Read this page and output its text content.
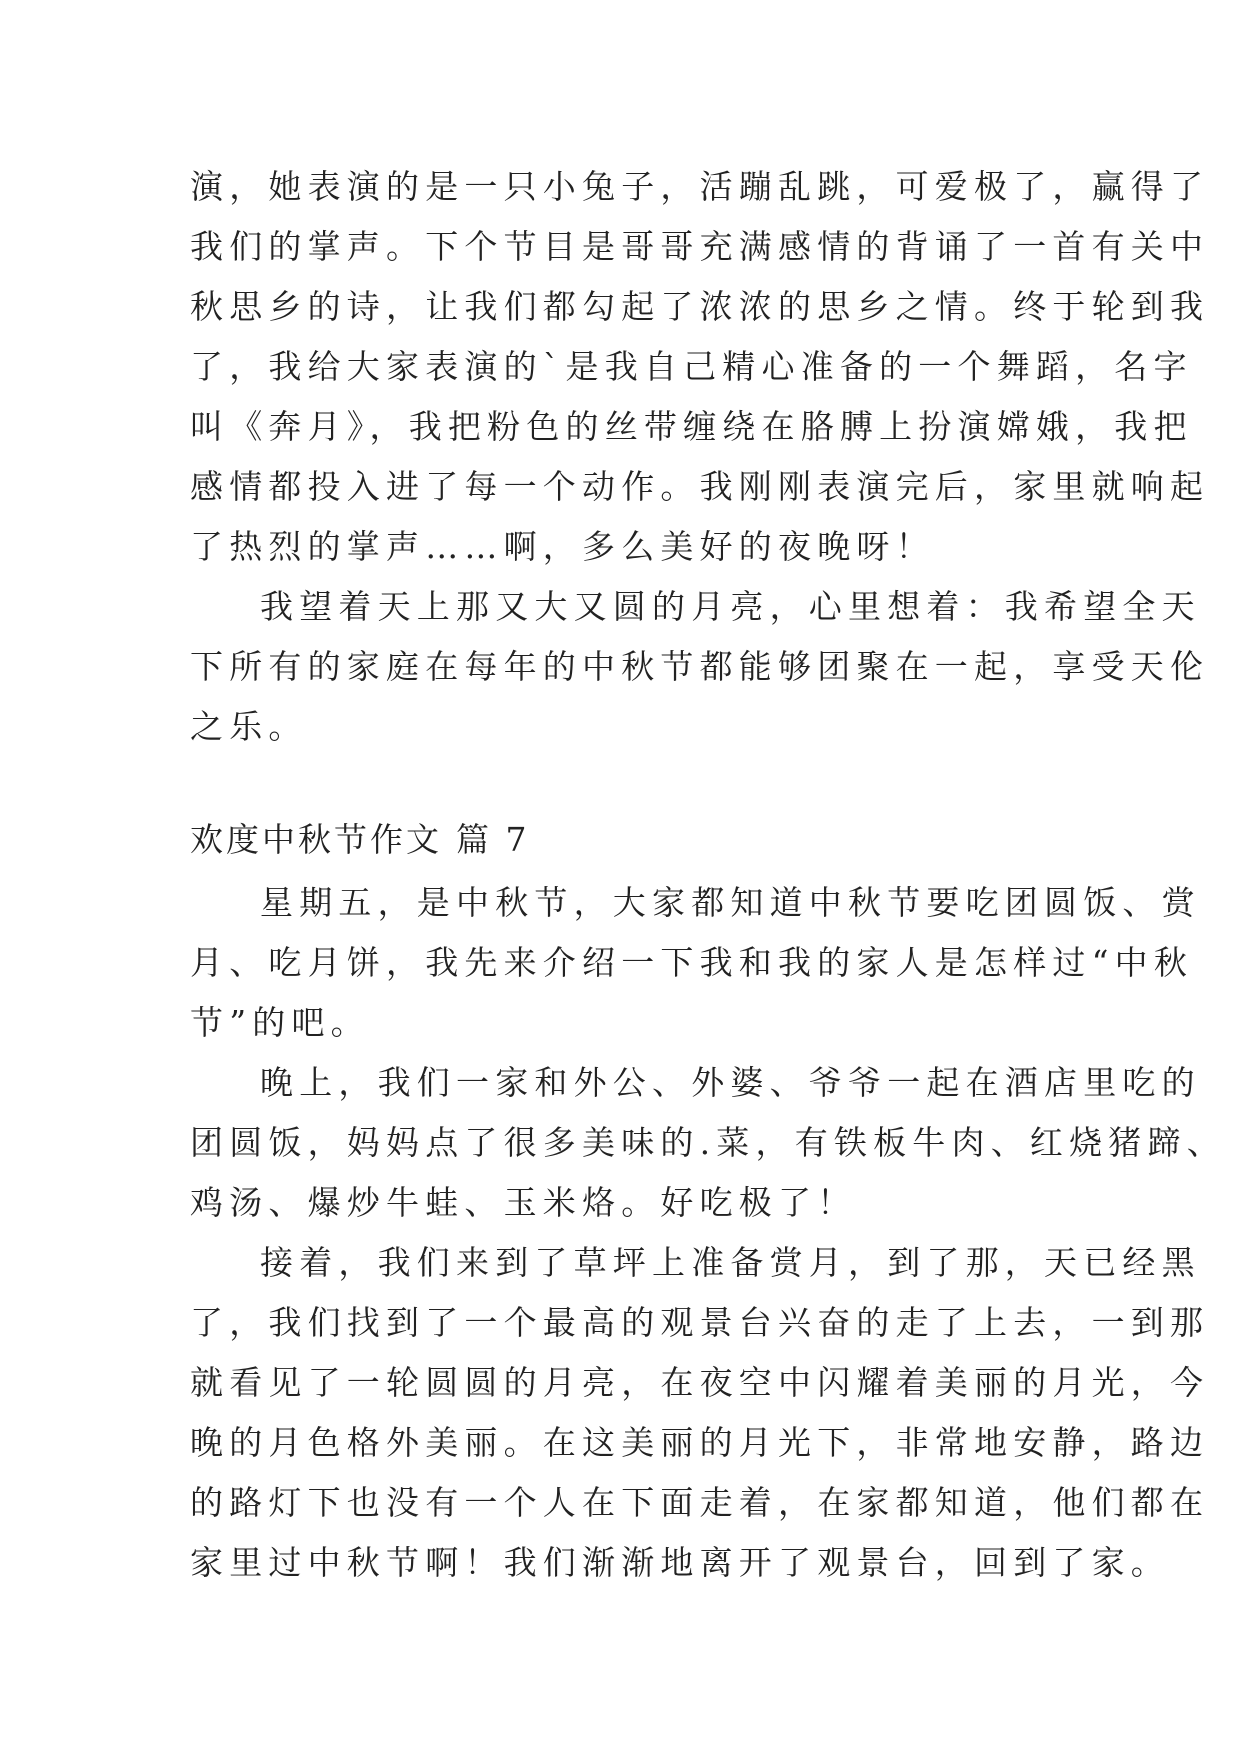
演，她表演的是一只小兔子，活蹦乱跳，可爱极了，赢得了
我们的掌声。下个节目是哥哥充满感情的背诵了一首有关中
秋思乡的诗，让我们都勾起了浓浓的思乡之情。终于轮到我
了，我给大家表演的`是我自己精心准备的一个舞蹈，名字
叫《奔月》，我把粉色的丝带缠绕在胳膊上扮演嫦娥，我把
感情都投入进了每一个动作。我刚刚表演完后，家里就响起
了热烈的掌声……啊，多么美好的夜晚呀！
我望着天上那又大又圆的月亮，心里想着：我希望全天
下所有的家庭在每年的中秋节都能够团聚在一起，享受天伦
之乐。
欢度中秋节作文 篇 7
星期五，是中秋节，大家都知道中秋节要吃团圆饭、赏
月、吃月饼，我先来介绍一下我和我的家人是怎样过“中秋
节”的吧。
晚上，我们一家和外公、外婆、爷爷一起在酒店里吃的
团圆饭，妈妈点了很多美味的.菜，有铁板牛肉、红烧猪蹄、
鸡汤、爆炒牛蛙、玉米烙。好吃极了！
接着，我们来到了草坪上准备赏月，到了那，天已经黑
了，我们找到了一个最高的观景台兴奋的走了上去，一到那
就看见了一轮圆圆的月亮，在夜空中闪耀着美丽的月光，今
晚的月色格外美丽。在这美丽的月光下，非常地安静，路边
的路灯下也没有一个人在下面走着，在家都知道，他们都在
家里过中秋节啊！我们渐渐地离开了观景台，回到了家。
